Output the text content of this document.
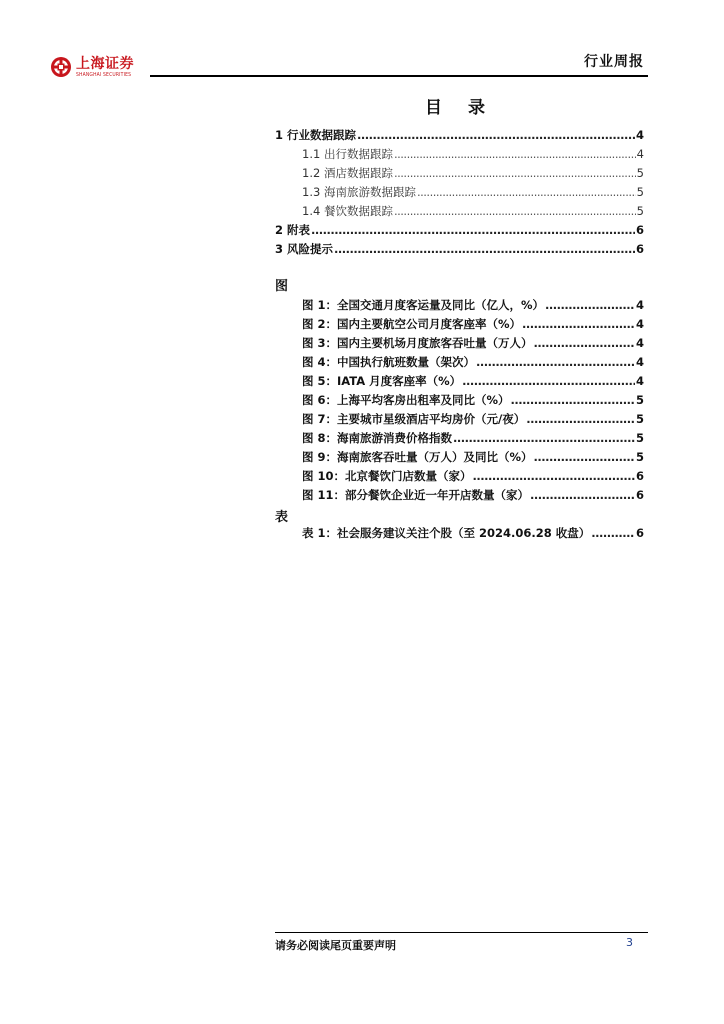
上海证券
SHANGHAI SECURITIES
行业周报
目 录
1 行业数据跟踪 .....	4
1.1 出行数据跟踪 .....	4
1.2 酒店数据跟踪 .....	5
1.3 海南旅游数据跟踪 .....	5
1.4 餐饮数据跟踪 .....	5
2 附表 .....	6
3 风险提示 .....	6
图
图 1：全国交通月度客运量及同比（亿人，%） .....	4
图 2：国内主要航空公司月度客座率（%） .....	4
图 3：国内主要机场月度旅客吞吐量（万人） .....	4
图 4：中国执行航班数量（架次） .....	4
图 5：IATA 月度客座率（%） .....	4
图 6：上海平均客房出租率及同比（%） .....	5
图 7：主要城市星级酒店平均房价（元/夜） .....	5
图 8：海南旅游消费价格指数 .....	5
图 9：海南旅客吞吐量（万人）及同比（%） .....	5
图 10：北京餐饮门店数量（家） .....	6
图 11：部分餐饮企业近一年开店数量（家） .....	6
表
表 1：社会服务建议关注个股（至 2024.06.28 收盘） .....	6
请务必阅读尾页重要声明	3
